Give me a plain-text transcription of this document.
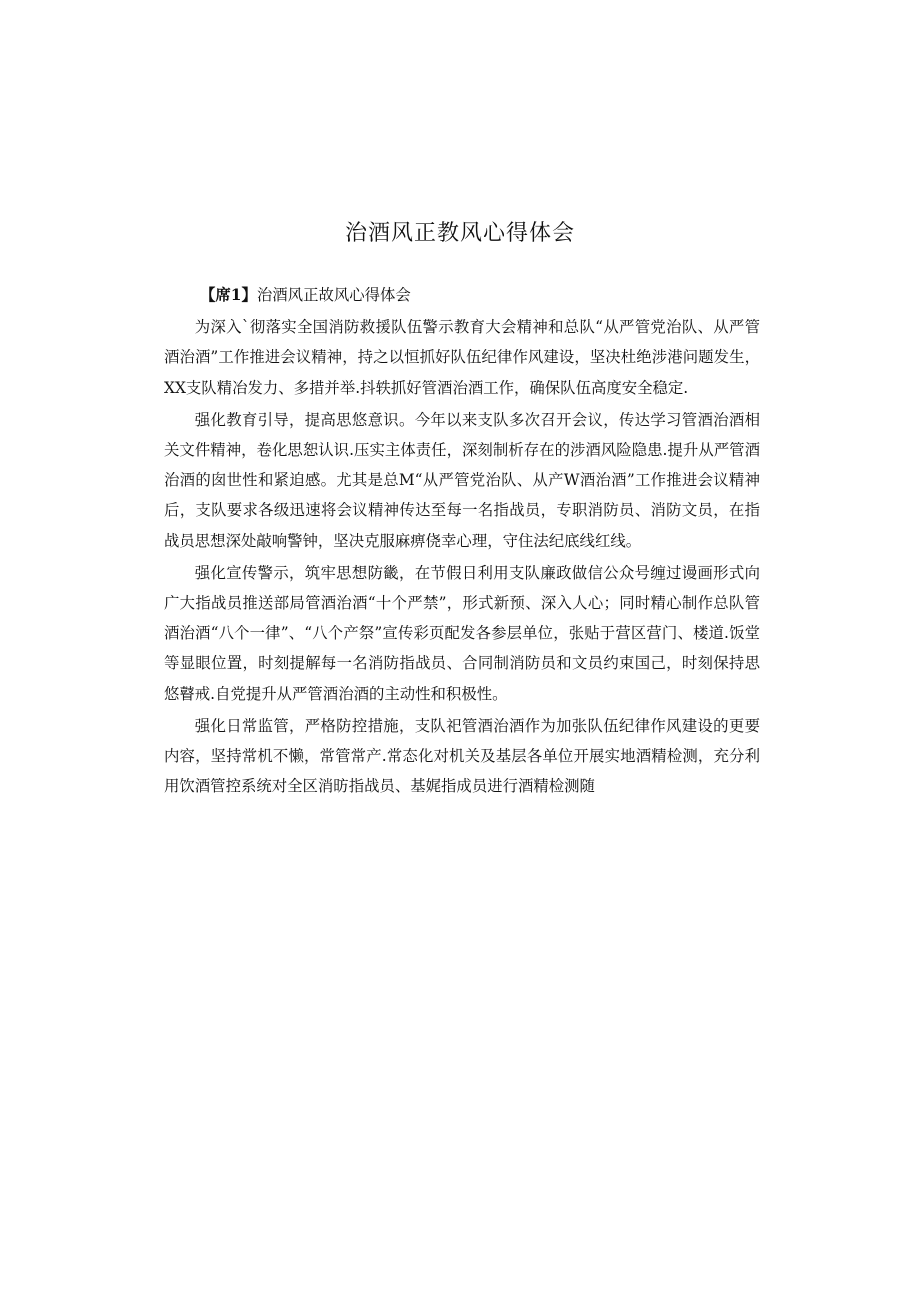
治酒风正教风心得体会

【席1】治酒风正故风心得体会

为深入`彻落实全国消防救援队伍警示教育大会精神和总队“从严管党治队、从严管酒治酒”工作推进会议精神，持之以恒抓好队伍纪律作风建设，坚决杜绝涉港问题发生，XX支队精冶发力、多措并举.抖轶抓好管酒治酒工作，确保队伍高度安全稳定.

强化教育引导，提高思悠意识。今年以来支队多次召开会议，传达学习管酒治酒相关文件精神，卷化思恕认识.压实主体责任，深刻制析存在的涉酒风险隐患.提升从严管酒治酒的囱世性和紧迫感。尤其是总M“从严管党治队、从产W酒治酒”工作推进会议精神后，支队要求各级迅速将会议精神传达至每一名指战员，专职消防员、消防文员，在指战员思想深处敲响警钟，坚决克服麻痹侥幸心理，守住法纪底线红线。

强化宣传警示，筑牢思想防畿，在节假日利用支队廉政做信公众号缠过谩画形式向广大指战员推送部局管酒治酒“十个严禁”，形式新预、深入人心；同时精心制作总队管酒治酒“八个一律”、“八个产祭”宣传彩页配发各参层单位，张贴于营区营门、楼道.饭堂等显眼位置，时刻提解每一名消防指战员、合同制消防员和文员约束国己，时刻保持思悠瞽戒.自党提升从严管酒治酒的主动性和积极性。

强化日常监管，严格防控措施，支队祀管酒治酒作为加张队伍纪律作风建设的更要内容，坚持常机不懒，常管常产.常态化对机关及基层各单位开展实地酒精检测，充分利用饮酒管控系统对全区消昉指战员、基娓指成员进行酒精检测随
